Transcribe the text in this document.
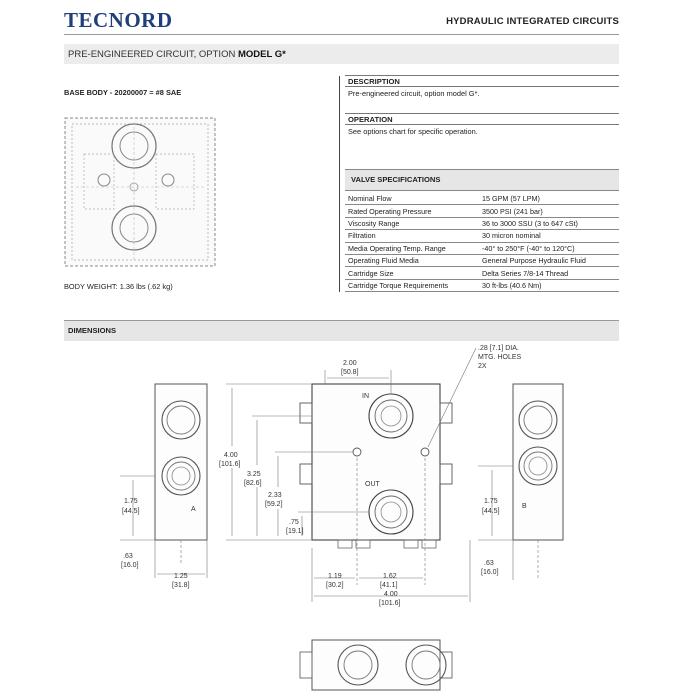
TECNORD	HYDRAULIC INTEGRATED CIRCUITS
PRE-ENGINEERED CIRCUIT, OPTION MODEL G*
BASE BODY - 20200007 = #8 SAE
BODY WEIGHT: 1.36 lbs (.62 kg)
DESCRIPTION
Pre-engineered circuit, option model G*.
OPERATION
See options chart for specific operation.
VALVE SPECIFICATIONS
Nominal Flow	15 GPM (57 LPM)
Rated Operating Pressure	3500 PSI (241 bar)
Viscosity Range	36 to 3000 SSU (3 to 647 cSt)
Filtration	30 micron nominal
Media Operating Temp. Range	-40° to 250°F (-40° to 120°C)
Operating Fluid Media	General Purpose Hydraulic Fluid
Cartridge Size	Delta Series 7/8-14 Thread
Cartridge Torque Requirements	30 ft-lbs (40.6 Nm)
DIMENSIONS
A
1.75
[44.5]
1.25
[31.8]
.63
[16.0]
IN
OUT
2.00
[50.8]
.28 [7.1] DIA.
MTG. HOLES
2X
4.00
[101.6]
3.25
[82.6]
2.33
[59.2]
.75
[19.1]
1.19
[30.2]
1.62
[41.1]
4.00
[101.6]
B
1.75
[44.5]
.63
[16.0]
